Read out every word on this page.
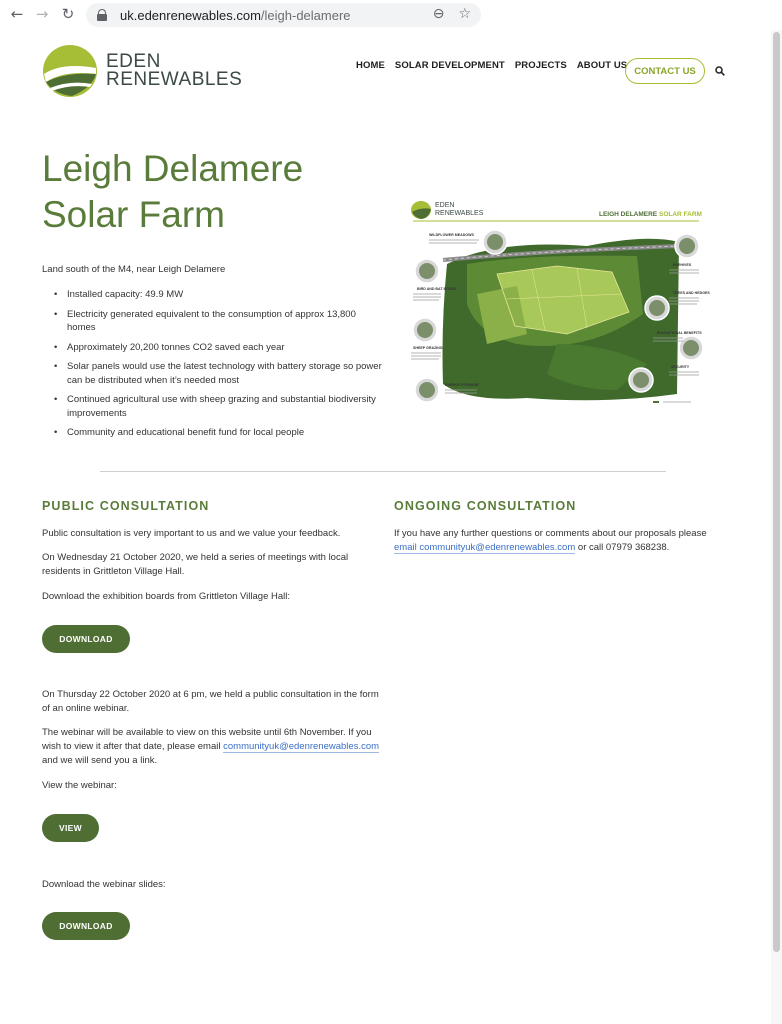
← → ↻	uk.edenrenewables.com /leigh-delamere	⊖ ☆
EDEN
RENEWABLES
HOME SOLAR DEVELOPMENT PROJECTS ABOUT US CONTACT US
Leigh Delamere
Solar Farm

Land south of the M4, near Leigh Delamere

• Installed capacity: 49.9 MW
• Electricity generated equivalent to the consumption of approx 13,800 homes
• Approximately 20,200 tonnes CO2 saved each year
• Solar panels would use the latest technology with battery storage so power can be distributed when it’s needed most
• Continued agricultural use with sheep grazing and substantial biodiversity improvements
• Community and educational benefit fund for local people
EDEN
RENEWABLES	LEIGH DELAMERE SOLAR FARM
WILDFLOWER MEADOWS
BIRD AND BAT BOXES
SHEEP GRAZING
ENERGY STORAGE
BEEHIVES
TREES AND HEDGES
EDUCATIONAL BENEFITS
SECURITY
PUBLIC CONSULTATION

Public consultation is very important to us and we value your feedback.

On Wednesday 21 October 2020, we held a series of meetings with local residents in Grittleton Village Hall.

Download the exhibition boards from Grittleton Village Hall:

DOWNLOAD

On Thursday 22 October 2020 at 6 pm, we held a public consultation in the form of an online webinar.

The webinar will be available to view on this website until 6th November. If you wish to view it after that date, please email communityuk@edenrenewables.com and we will send you a link.

View the webinar:

VIEW

Download the webinar slides:

DOWNLOAD
ONGOING CONSULTATION

If you have any further questions or comments about our proposals please email communityuk@edenrenewables.com or call 07979 368238.
